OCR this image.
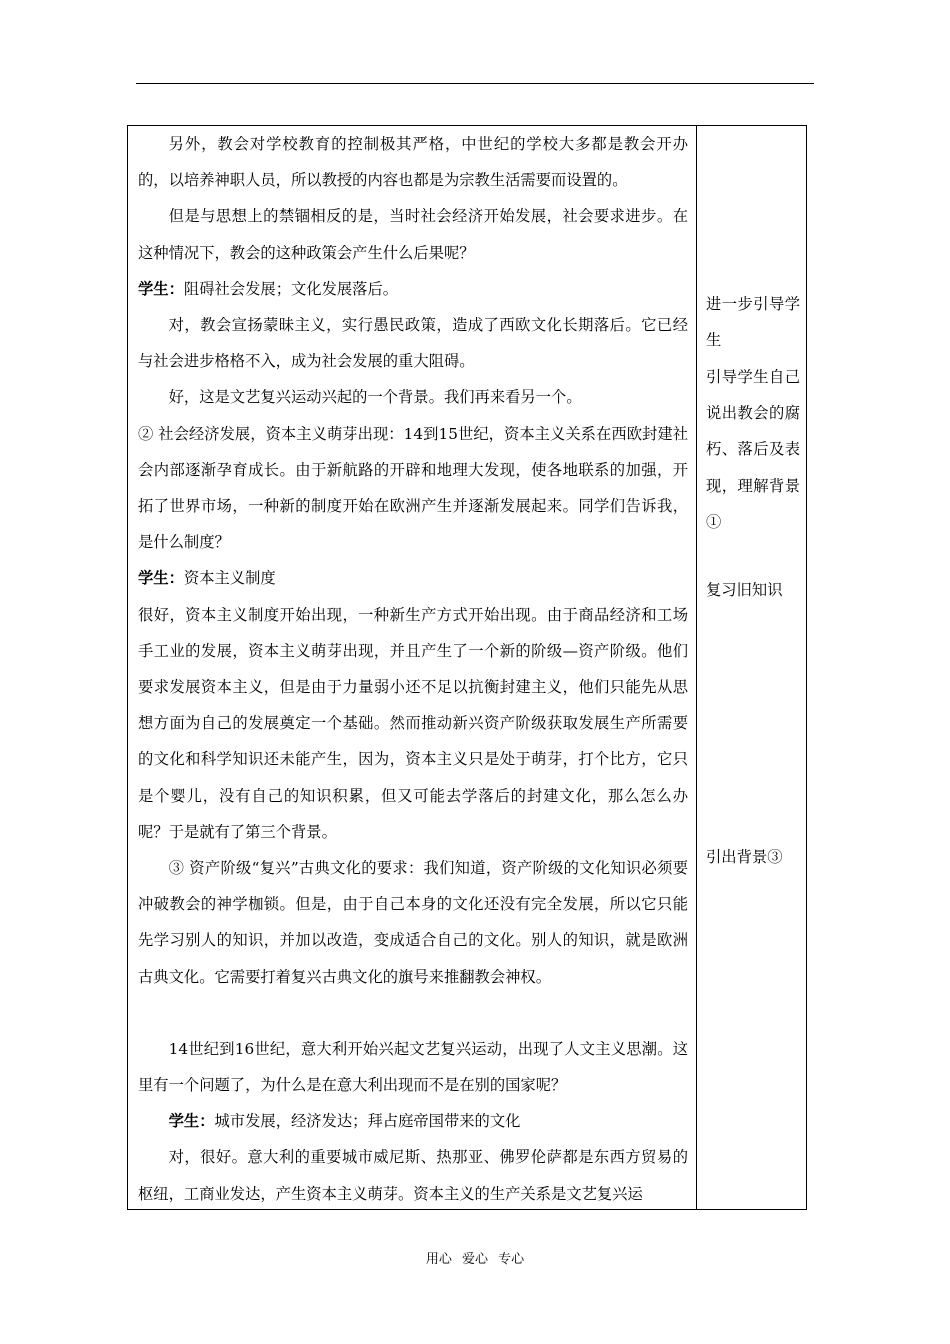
另外，教会对学校教育的控制极其严格，中世纪的学校大多都是教会开办的，以培养神职人员，所以教授的内容也都是为宗教生活需要而设置的。

但是与思想上的禁锢相反的是，当时社会经济开始发展，社会要求进步。在这种情况下，教会的这种政策会产生什么后果呢？

学生：阻碍社会发展；文化发展落后。

对，教会宣扬蒙昧主义，实行愚民政策，造成了西欧文化长期落后。它已经与社会进步格格不入，成为社会发展的重大阻碍。

好，这是文艺复兴运动兴起的一个背景。我们再来看另一个。

② 社会经济发展，资本主义萌芽出现：14到15世纪，资本主义关系在西欧封建社会内部逐渐孕育成长。由于新航路的开辟和地理大发现，使各地联系的加强，开拓了世界市场，一种新的制度开始在欧洲产生并逐渐发展起来。同学们告诉我，是什么制度？

学生：资本主义制度

很好，资本主义制度开始出现，一种新生产方式开始出现。由于商品经济和工场手工业的发展，资本主义萌芽出现，并且产生了一个新的阶级—资产阶级。他们要求发展资本主义，但是由于力量弱小还不足以抗衡封建主义，他们只能先从思想方面为自己的发展奠定一个基础。然而推动新兴资产阶级获取发展生产所需要的文化和科学知识还未能产生，因为，资本主义只是处于萌芽，打个比方，它只是个婴儿，没有自己的知识积累，但又可能去学落后的封建文化，那么怎么办呢？于是就有了第三个背景。

③ 资产阶级“复兴”古典文化的要求：我们知道，资产阶级的文化知识必须要冲破教会的神学枷锁。但是，由于自己本身的文化还没有完全发展，所以它只能先学习别人的知识，并加以改造，变成适合自己的文化。别人的知识，就是欧洲古典文化。它需要打着复兴古典文化的旗号来推翻教会神权。

14世纪到16世纪，意大利开始兴起文艺复兴运动，出现了人文主义思潮。这里有一个问题了，为什么是在意大利出现而不是在别的国家呢？

学生：城市发展，经济发达；拜占庭帝国带来的文化

对，很好。意大利的重要城市威尼斯、热那亚、佛罗伦萨都是东西方贸易的枢纽，工商业发达，产生资本主义萌芽。资本主义的生产关系是文艺复兴运

进一步引导学生

引导学生自己说出教会的腐朽、落后及表现，理解背景①

复习旧知识

引出背景③

用心 爱心 专心
